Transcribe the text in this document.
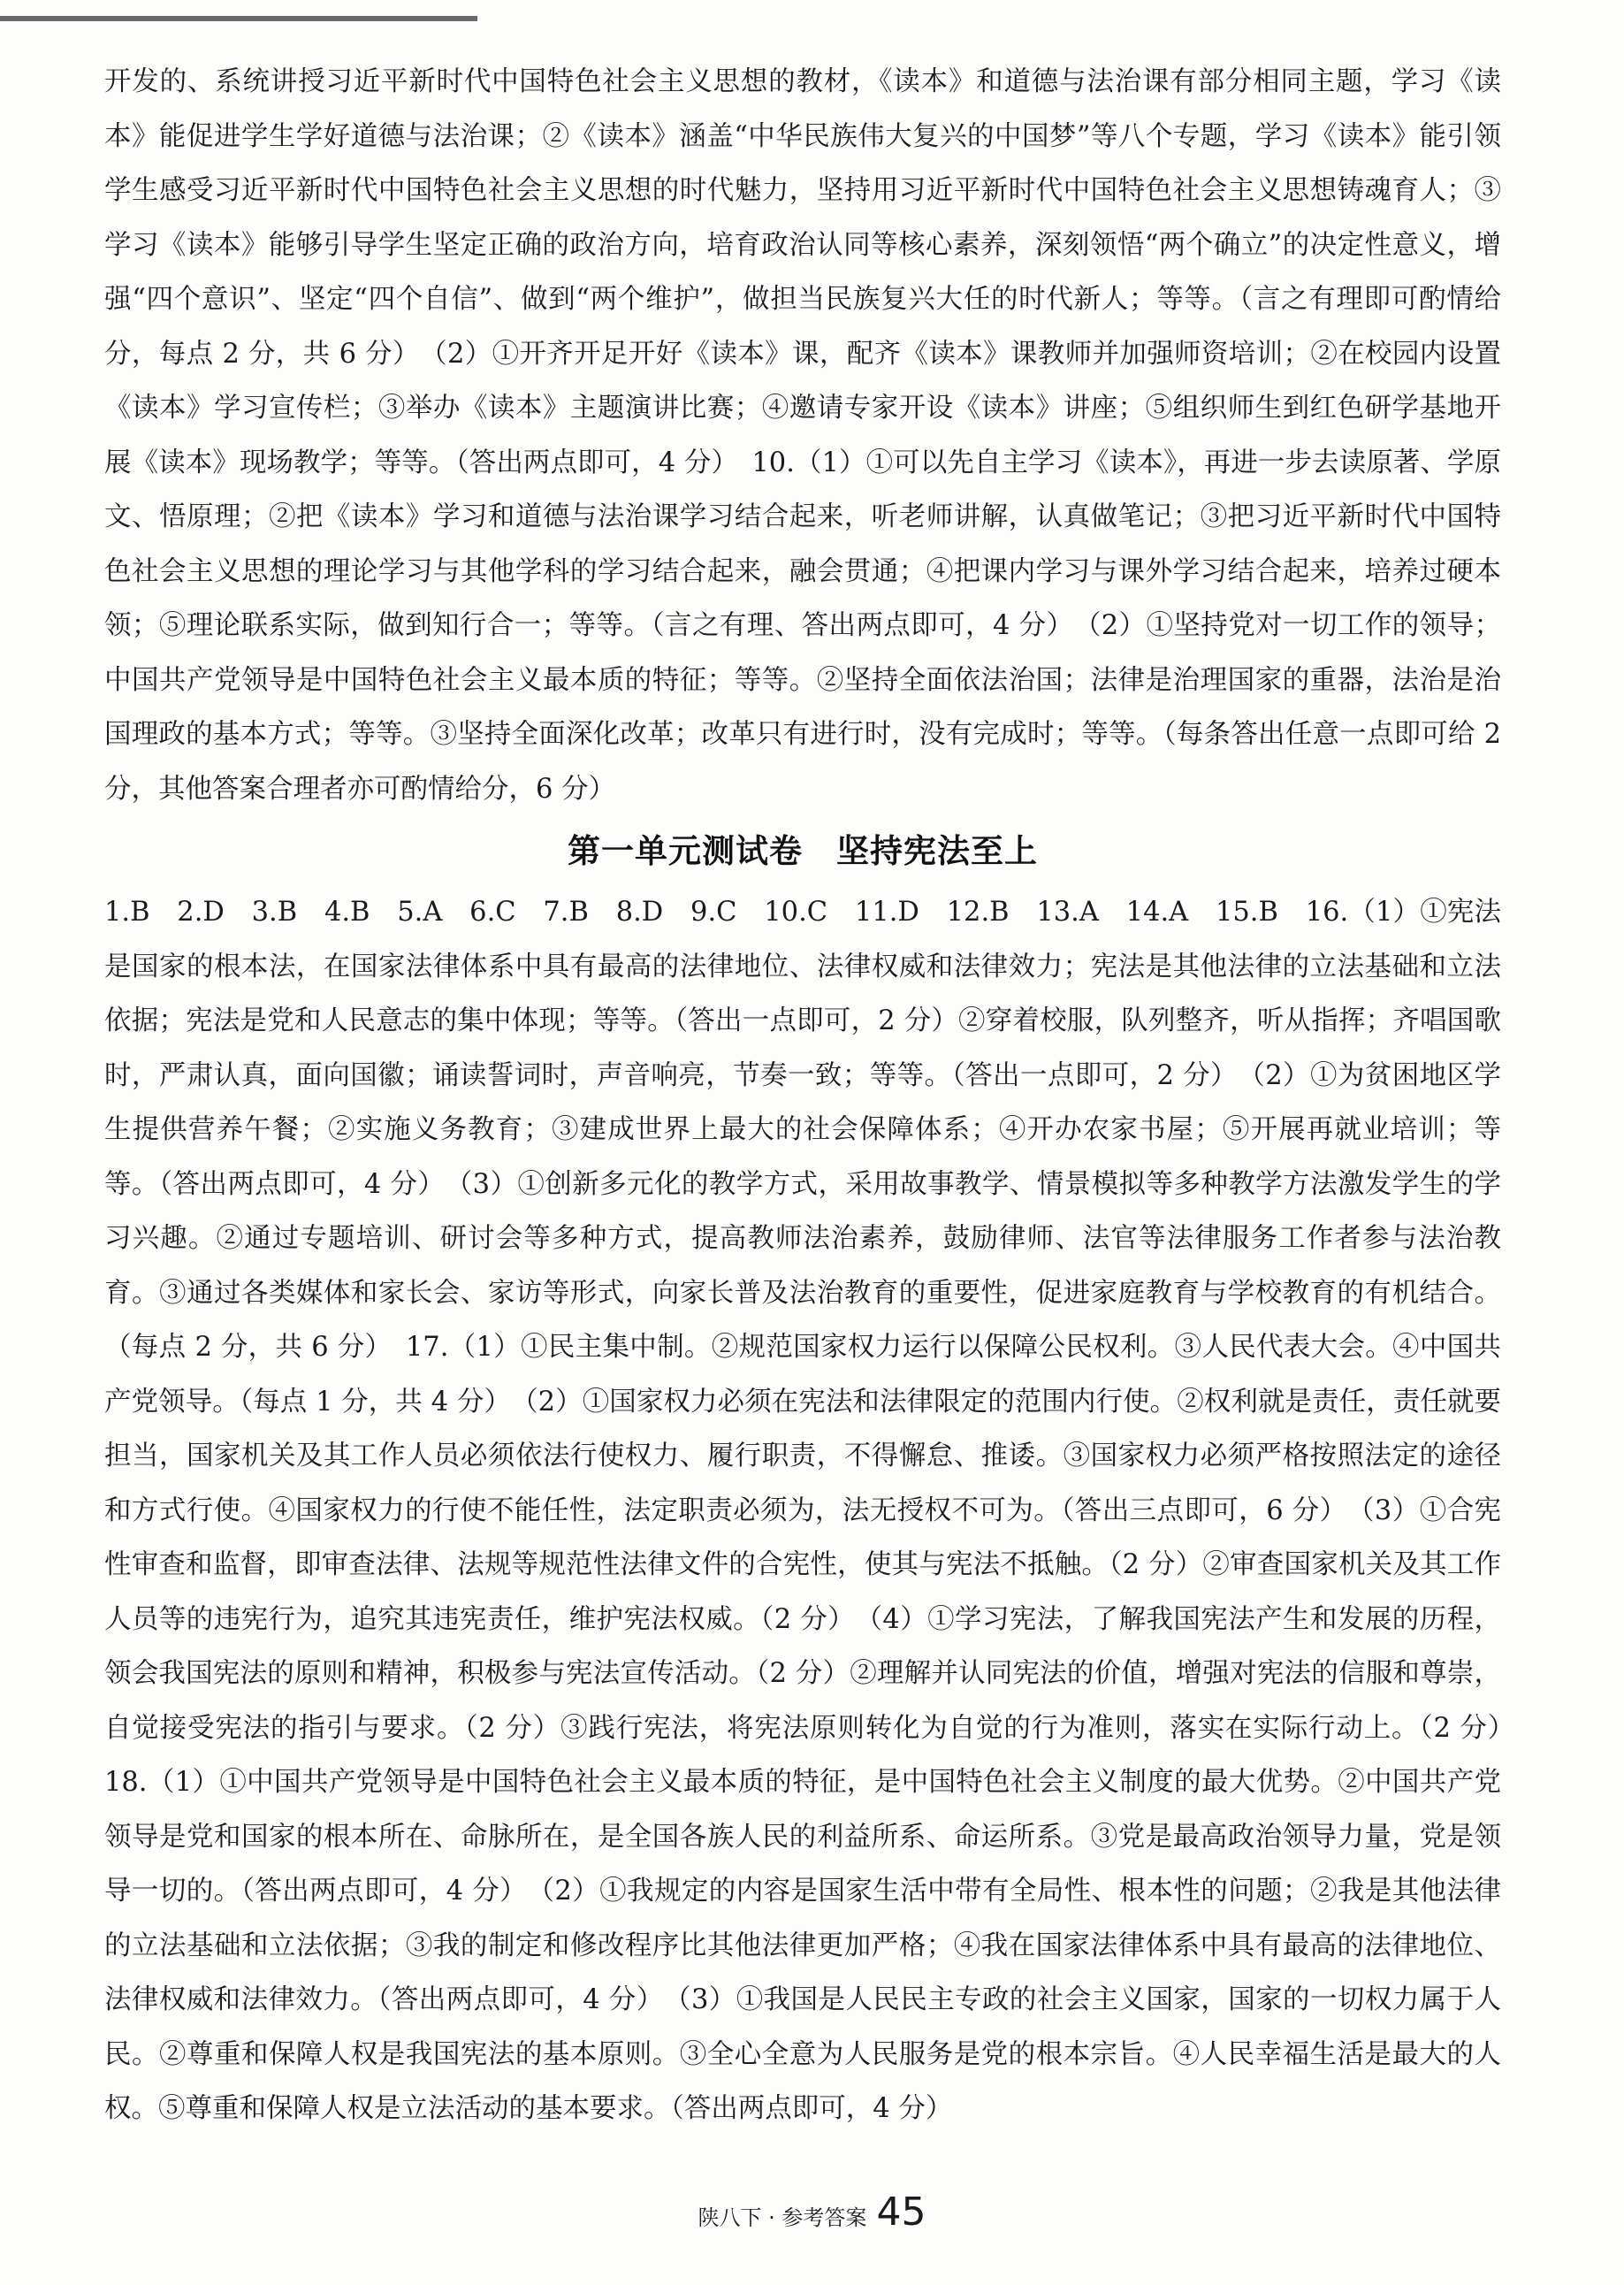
开发的、系统讲授习近平新时代中国特色社会主义思想的教材，《读本》和道德与法治课有部分相同主题，学习《读本》能促进学生学好道德与法治课；②《读本》涵盖“中华民族伟大复兴的中国梦”等八个专题，学习《读本》能引领学生感受习近平新时代中国特色社会主义思想的时代魅力，坚持用习近平新时代中国特色社会主义思想铸魂育人；③学习《读本》能够引导学生坚定正确的政治方向，培育政治认同等核心素养，深刻领悟“两个确立”的决定性意义，增强“四个意识”、坚定“四个自信”、做到“两个维护”，做担当民族复兴大任的时代新人；等等。（言之有理即可酌情给分，每点 2 分，共 6 分）　（2）①开齐开足开好《读本》课，配齐《读本》课教师并加强师资培训；②在校园内设置《读本》学习宣传栏；③举办《读本》主题演讲比赛；④邀请专家开设《读本》讲座；⑤组织师生到红色研学基地开展《读本》现场教学；等等。（答出两点即可，4 分）　10.（1）①可以先自主学习《读本》，再进一步去读原著、学原文、悟原理；②把《读本》学习和道德与法治课学习结合起来，听老师讲解，认真做笔记；③把习近平新时代中国特色社会主义思想的理论学习与其他学科的学习结合起来，融会贯通；④把课内学习与课外学习结合起来，培养过硬本领；⑤理论联系实际，做到知行合一；等等。（言之有理、答出两点即可，4 分）　（2）①坚持党对一切工作的领导；中国共产党领导是中国特色社会主义最本质的特征；等等。②坚持全面依法治国；法律是治理国家的重器，法治是治国理政的基本方式；等等。③坚持全面深化改革；改革只有进行时，没有完成时；等等。（每条答出任意一点即可给 2 分，其他答案合理者亦可酌情给分，6 分）

第一单元测试卷　坚持宪法至上

1.B　2.D　3.B　4.B　5.A　6.C　7.B　8.D　9.C　10.C　11.D　12.B　13.A　14.A　15.B　16.（1）①宪法是国家的根本法，在国家法律体系中具有最高的法律地位、法律权威和法律效力；宪法是其他法律的立法基础和立法依据；宪法是党和人民意志的集中体现；等等。（答出一点即可，2 分）②穿着校服，队列整齐，听从指挥；齐唱国歌时，严肃认真，面向国徽；诵读誓词时，声音响亮，节奏一致；等等。（答出一点即可，2 分）　（2）①为贫困地区学生提供营养午餐；②实施义务教育；③建成世界上最大的社会保障体系；④开办农家书屋；⑤开展再就业培训；等等。（答出两点即可，4 分）　（3）①创新多元化的教学方式，采用故事教学、情景模拟等多种教学方法激发学生的学习兴趣。②通过专题培训、研讨会等多种方式，提高教师法治素养，鼓励律师、法官等法律服务工作者参与法治教育。③通过各类媒体和家长会、家访等形式，向家长普及法治教育的重要性，促进家庭教育与学校教育的有机结合。（每点 2 分，共 6 分）　17.（1）①民主集中制。②规范国家权力运行以保障公民权利。③人民代表大会。④中国共产党领导。（每点 1 分，共 4 分）　（2）①国家权力必须在宪法和法律限定的范围内行使。②权利就是责任，责任就要担当，国家机关及其工作人员必须依法行使权力、履行职责，不得懈怠、推诿。③国家权力必须严格按照法定的途径和方式行使。④国家权力的行使不能任性，法定职责必须为，法无授权不可为。（答出三点即可，6 分）　（3）①合宪性审查和监督，即审查法律、法规等规范性法律文件的合宪性，使其与宪法不抵触。（2 分）②审查国家机关及其工作人员等的违宪行为，追究其违宪责任，维护宪法权威。（2 分）　（4）①学习宪法，了解我国宪法产生和发展的历程，领会我国宪法的原则和精神，积极参与宪法宣传活动。（2 分）②理解并认同宪法的价值，增强对宪法的信服和尊崇，自觉接受宪法的指引与要求。（2 分）③践行宪法，将宪法原则转化为自觉的行为准则，落实在实际行动上。（2 分）　18.（1）①中国共产党领导是中国特色社会主义最本质的特征，是中国特色社会主义制度的最大优势。②中国共产党领导是党和国家的根本所在、命脉所在，是全国各族人民的利益所系、命运所系。③党是最高政治领导力量，党是领导一切的。（答出两点即可，4 分）　（2）①我规定的内容是国家生活中带有全局性、根本性的问题；②我是其他法律的立法基础和立法依据；③我的制定和修改程序比其他法律更加严格；④我在国家法律体系中具有最高的法律地位、法律权威和法律效力。（答出两点即可，4 分）　（3）①我国是人民民主专政的社会主义国家，国家的一切权力属于人民。②尊重和保障人权是我国宪法的基本原则。③全心全意为人民服务是党的根本宗旨。④人民幸福生活是最大的人权。⑤尊重和保障人权是立法活动的基本要求。（答出两点即可，4 分）

陕八下 · 参考答案 45
